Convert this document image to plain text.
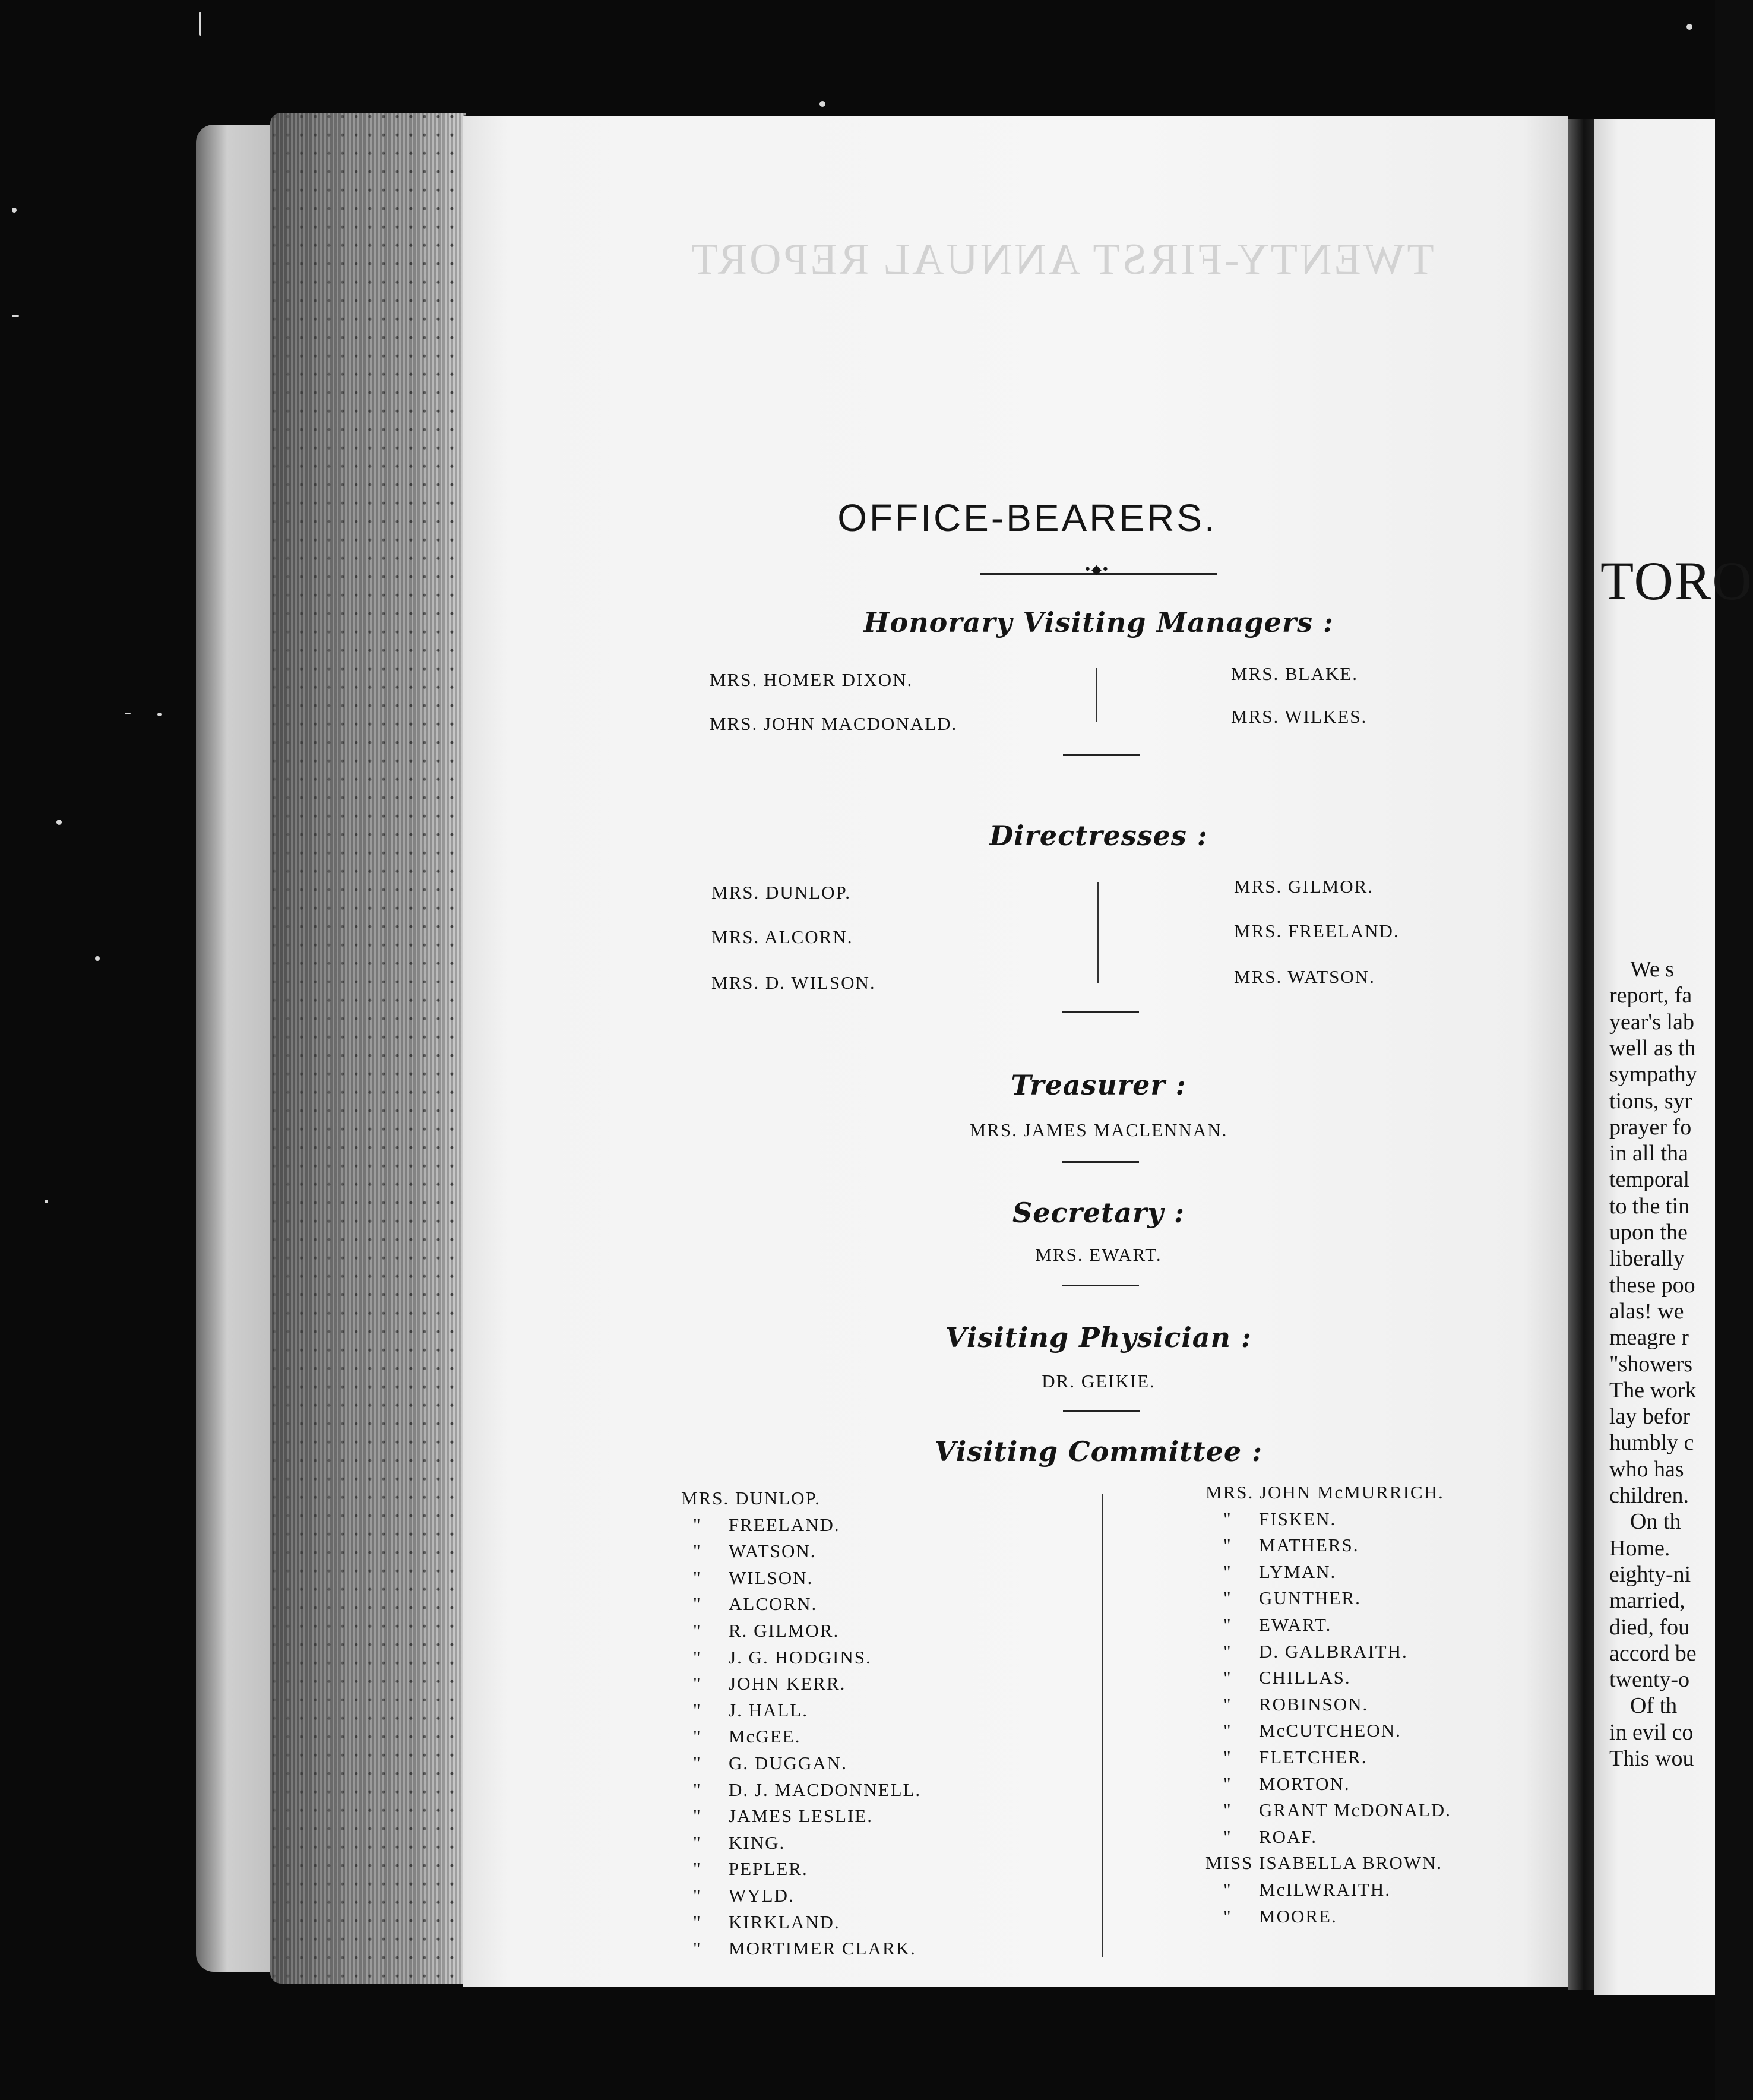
TWENTY-FIRST ANNUAL REPORT
OFFICE-BEARERS.
•◆•
Honorary Visiting Managers :
MRS. HOMER DIXON.
MRS. JOHN MACDONALD.
MRS. BLAKE.
MRS. WILKES.
Directresses :
MRS. DUNLOP.
MRS. ALCORN.
MRS. D. WILSON.
MRS. GILMOR.
MRS. FREELAND.
MRS. WATSON.
Treasurer :
MRS. JAMES MACLENNAN.
Secretary :
MRS. EWART.
Visiting Physician :
DR. GEIKIE.
Visiting Committee :
MRS. DUNLOP.
" FREELAND.
" WATSON.
" WILSON.
" ALCORN.
" R. GILMOR.
" J. G. HODGINS.
" JOHN KERR.
" J. HALL.
" McGEE.
" G. DUGGAN.
" D. J. MACDONNELL.
" JAMES LESLIE.
" KING.
" PEPLER.
" WYLD.
" KIRKLAND.
" MORTIMER CLARK.
MRS. JOHN McMURRICH.
" FISKEN.
" MATHERS.
" LYMAN.
" GUNTHER.
" EWART.
" D. GALBRAITH.
" CHILLAS.
" ROBINSON.
" McCUTCHEON.
" FLETCHER.
" MORTON.
" GRANT McDONALD.
" ROAF.
MISS ISABELLA BROWN.
" McILWRAITH.
" MOORE.
TORO
We s
report, fa
year's lab
well as th
sympathy
tions, syr
prayer fo
in all tha
temporal
to the tin
upon the
liberally
these poo
alas! we
meagre r
"showers
The work
lay befor
humbly c
who has
children.
On th
Home.
eighty-ni
married,
died, fou
accord be
twenty-o
Of th
in evil co
This wou
